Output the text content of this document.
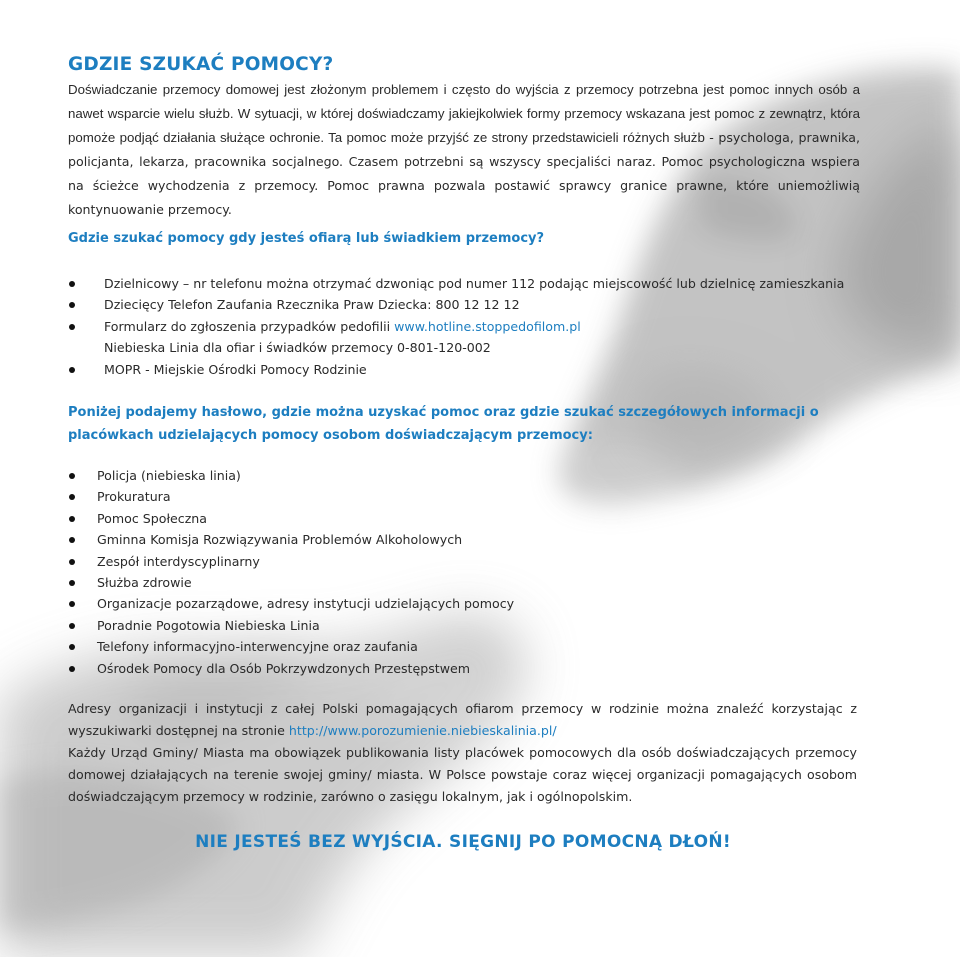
GDZIE SZUKAĆ POMOCY?
Doświadczanie przemocy domowej jest złożonym problemem i często do wyjścia z przemocy potrzebna jest pomoc innych osób a nawet wsparcie wielu służb. W sytuacji, w której doświadczamy jakiejkolwiek formy przemocy wskazana jest pomoc z zewnątrz, która pomoże podjąć działania służące ochronie. Ta pomoc może przyjść ze strony przedstawicieli różnych służb - psychologa, prawnika, policjanta, lekarza, pracownika socjalnego. Czasem potrzebni są wszyscy specjaliści naraz. Pomoc psychologiczna wspiera na ścieżce wychodzenia z przemocy. Pomoc prawna pozwala postawić sprawcy granice prawne, które uniemożliwią kontynuowanie przemocy.
Gdzie szukać pomocy gdy jesteś ofiarą lub świadkiem przemocy?
Dzielnicowy – nr telefonu można otrzymać dzwoniąc pod numer 112 podając miejscowość lub dzielnicę zamieszkania
Dziecięcy Telefon Zaufania Rzecznika Praw Dziecka: 800 12 12 12
Formularz do zgłoszenia przypadków pedofilii www.hotline.stoppedofilom.pl
Niebieska Linia dla ofiar i świadków przemocy 0-801-120-002
MOPR - Miejskie Ośrodki Pomocy Rodzinie
Poniżej podajemy hasłowo, gdzie można uzyskać pomoc oraz gdzie szukać szczegółowych informacji o placówkach udzielających pomocy osobom doświadczającym przemocy:
Policja (niebieska linia)
Prokuratura
Pomoc Społeczna
Gminna Komisja Rozwiązywania Problemów Alkoholowych
Zespół interdyscyplinarny
Służba zdrowie
Organizacje pozarządowe, adresy instytucji udzielających pomocy
Poradnie Pogotowia Niebieska Linia
Telefony informacyjno-interwencyjne oraz zaufania
Ośrodek Pomocy dla Osób Pokrzywdzonych Przestępstwem
Adresy organizacji i instytucji z całej Polski pomagających ofiarom przemocy w rodzinie można znaleźć korzystając z wyszukiwarki dostępnej na stronie http://www.porozumienie.niebieskalinia.pl/
Każdy Urząd Gminy/ Miasta ma obowiązek publikowania listy placówek pomocowych dla osób doświadczających przemocy domowej działających na terenie swojej gminy/ miasta. W Polsce powstaje coraz więcej organizacji pomagających osobom doświadczającym przemocy w rodzinie, zarówno o zasięgu lokalnym, jak i ogólnopolskim.
NIE JESTEŚ BEZ WYJŚCIA. SIĘGNIJ PO POMOCNĄ DŁOŃ!
